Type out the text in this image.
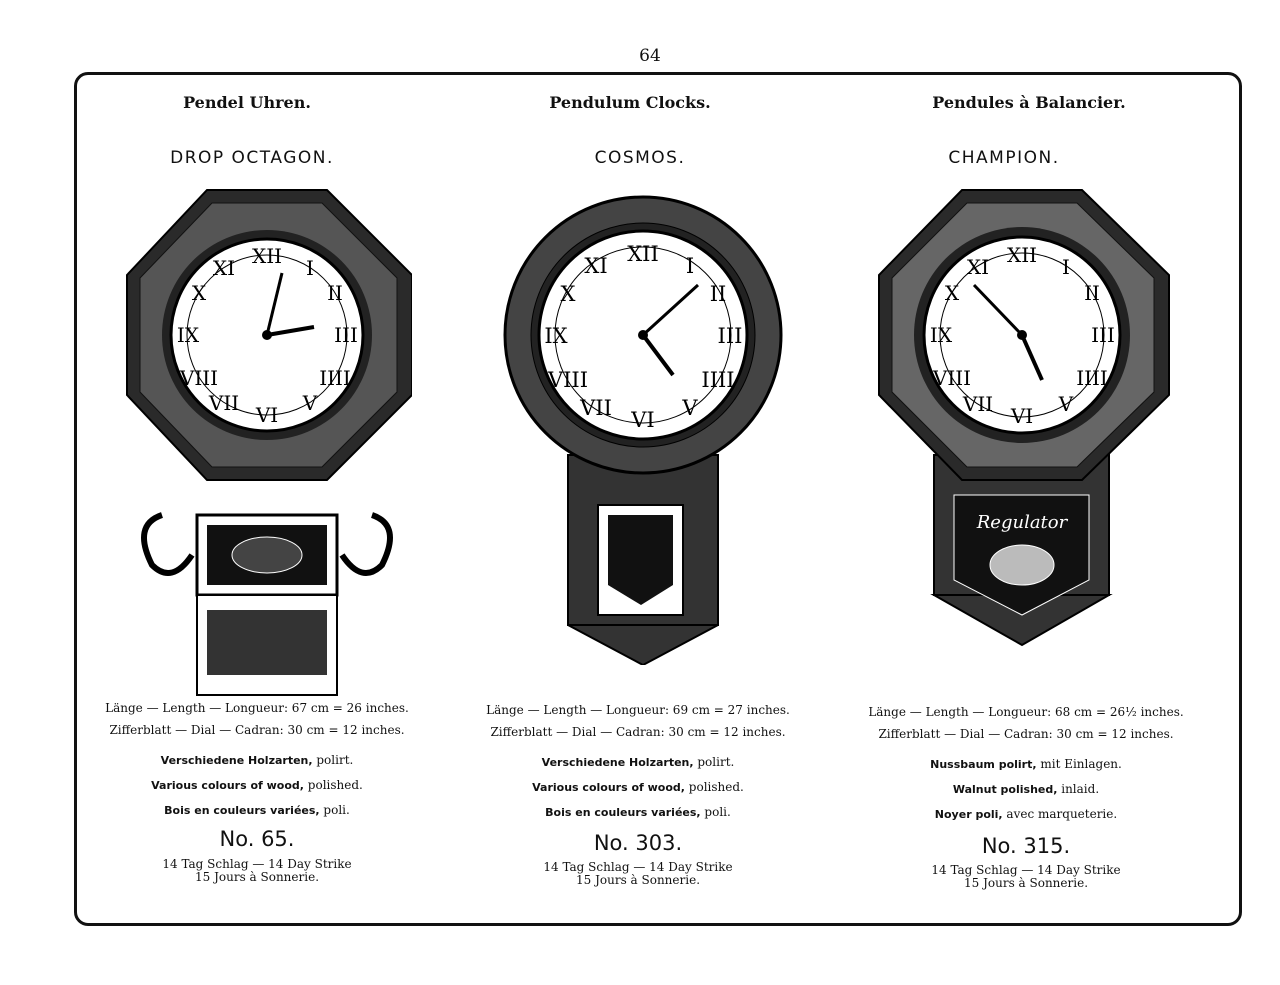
64
Pendel Uhren.
DROP OCTAGON.
XII I
II
III
IIII
V
VI
VII
VIII
IX
X
XI
Länge — Length — Longueur: 67 cm = 26 inches.
Zifferblatt — Dial — Cadran: 30 cm = 12 inches.
Verschiedene Holzarten, polirt.
Various colours of wood, polished.
Bois en couleurs variées, poli.
No. 65.
14 Tag Schlag — 14 Day Strike
15 Jours à Sonnerie.
Pendulum Clocks.
COSMOS.
XII I
II
III
IIII
V
VI
VII
VIII
IX
X
XI
Länge — Length — Longueur: 69 cm = 27 inches.
Zifferblatt — Dial — Cadran: 30 cm = 12 inches.
Verschiedene Holzarten, polirt.
Various colours of wood, polished.
Bois en couleurs variées, poli.
No. 303.
14 Tag Schlag — 14 Day Strike
15 Jours à Sonnerie.
Pendules à Balancier.
CHAMPION.
Regulator
XII I
II
III
IIII
V
VI
VII
VIII
IX
X
XI
Länge — Length — Longueur: 68 cm = 26½ inches.
Zifferblatt — Dial — Cadran: 30 cm = 12 inches.
Nussbaum polirt, mit Einlagen.
Walnut polished, inlaid.
Noyer poli, avec marqueterie.
No. 315.
14 Tag Schlag — 14 Day Strike
15 Jours à Sonnerie.
